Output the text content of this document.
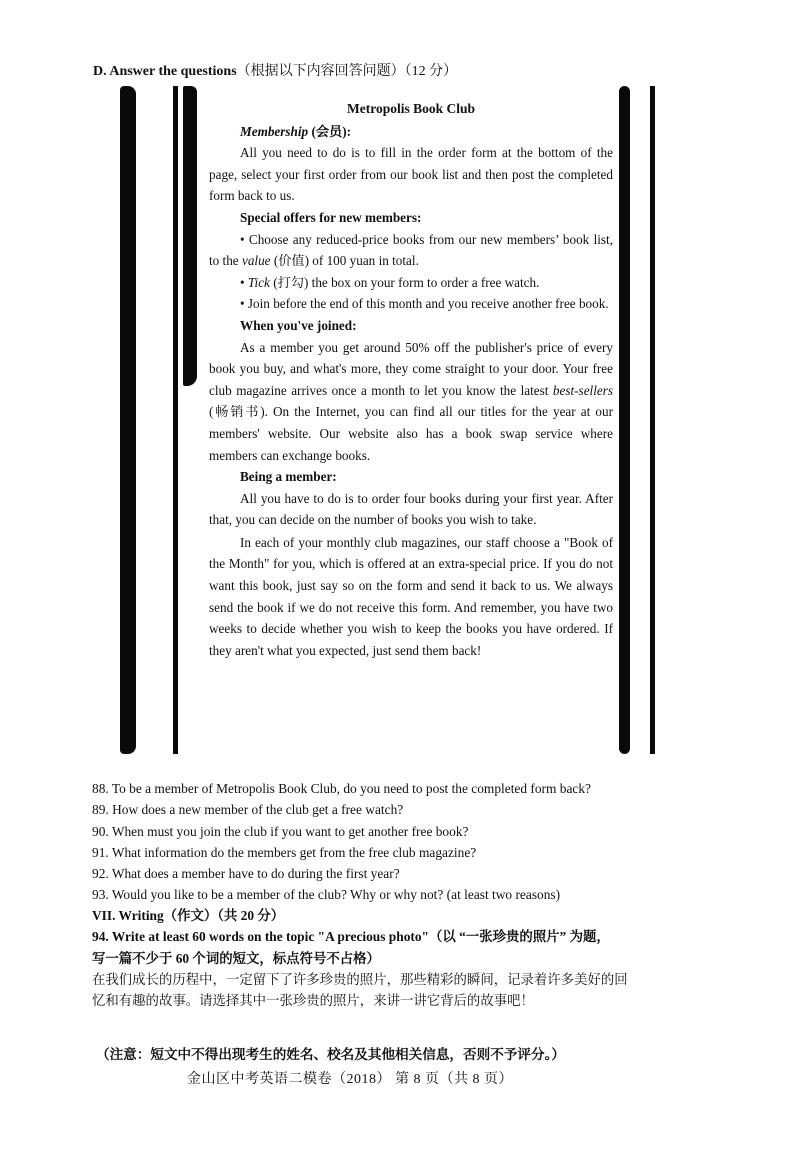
D. Answer the questions（根据以下内容回答问题）（12 分）

Metropolis Book Club

Membership (会员):

All you need to do is to fill in the order form at the bottom of the page, select your first order from our book list and then post the completed form back to us.

Special offers for new members:

• Choose any reduced-price books from our new members’ book list, to the value (价值) of 100 yuan in total.

• Tick (打勾) the box on your form to order a free watch.

• Join before the end of this month and you receive another free book.

When you've joined:

As a member you get around 50% off the publisher's price of every book you buy, and what's more, they come straight to your door. Your free club magazine arrives once a month to let you know the latest best-sellers (畅销书). On the Internet, you can find all our titles for the year at our members' website. Our website also has a book swap service where members can exchange books.

Being a member:

All you have to do is to order four books during your first year. After that, you can decide on the number of books you wish to take.

In each of your monthly club magazines, our staff choose a "Book of the Month" for you, which is offered at an extra-special price. If you do not want this book, just say so on the form and send it back to us. We always send the book if we do not receive this form. And remember, you have two weeks to decide whether you wish to keep the books you have ordered. If they aren't what you expected, just send them back!

88. To be a member of Metropolis Book Club, do you need to post the completed form back?
89. How does a new member of the club get a free watch?
90. When must you join the club if you want to get another free book?
91. What information do the members get from the free club magazine?
92. What does a member have to do during the first year?
93. Would you like to be a member of the club? Why or why not? (at least two reasons)
VII. Writing（作文）（共 20 分）
94. Write at least 60 words on the topic "A precious photo"（以 “一张珍贵的照片” 为题，
写一篇不少于 60 个词的短文，标点符号不占格）
在我们成长的历程中，一定留下了许多珍贵的照片，那些精彩的瞬间，记录着许多美好的回
忆和有趣的故事。请选择其中一张珍贵的照片，来讲一讲它背后的故事吧！
（注意：短文中不得出现考生的姓名、校名及其他相关信息，否则不予评分。）
金山区中考英语二模卷（2018） 第 8 页（共 8 页）
